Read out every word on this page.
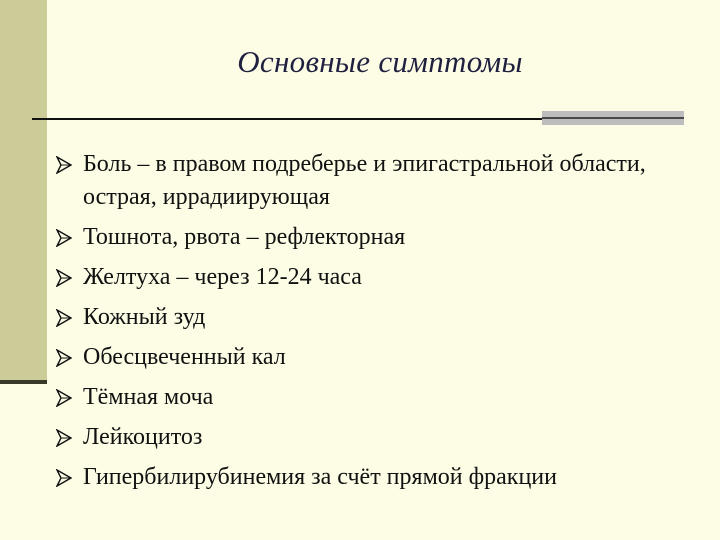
Основные симптомы
Боль – в правом подреберье и эпигастральной области, острая, иррадиирующая
Тошнота, рвота – рефлекторная
Желтуха – через 12-24 часа
Кожный зуд
Обесцвеченный кал
Тёмная моча
Лейкоцитоз
Гипербилирубинемия за счёт прямой фракции
